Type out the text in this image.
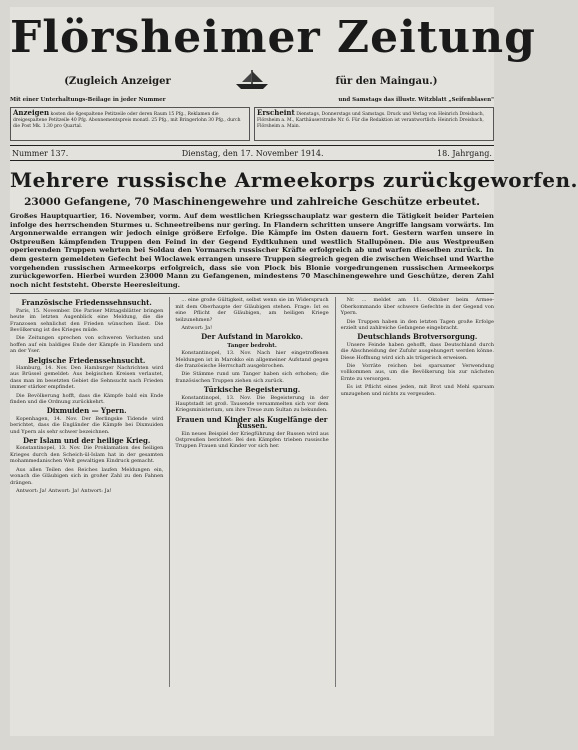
Flörsheimer Zeitung
(Zugleich Anzeiger	für den Maingau.)
Mit einer Unterhaltungs-Beilage in jeder Nummer	und Samstags das illustr. Witzblatt „Seifenblasen"
Anzeigen kosten die 6gespaltene Petitzeile oder deren Raum 15 Pfg., Reklamen die dreigespaltene Petitzeile 40 Pfg. Abonnementspreis monatl. 25 Pfg., mit Bringerlohn 30 Pfg., durch die Post Mk. 1.30 pro Quartal.
Erscheint Dienstags, Donnerstags und Samstags. Druck und Verlag von Heinrich Dreisbach, Flörsheim a. M., Karthäuserstraße Nr. 6. Für die Redaktion ist verantwortlich: Heinrich Dreisbach, Flörsheim a. Main.
Nummer 137.	Dienstag, den 17. November 1914.	18. Jahrgang.
Mehrere russische Armeekorps zurückgeworfen.
23000 Gefangene, 70 Maschinengewehre und zahlreiche Geschütze erbeutet.
Großes Hauptquartier, 16. November, vorm. Auf dem westlichen Kriegsschauplatz war gestern die Tätigkeit beider Parteien infolge des herrschenden Sturmes u. Schneetreibens nur gering. In Flandern schritten unsere Angriffe langsam vorwärts. Im Argonnerwalde errangen wir jedoch einige größere Erfolge. Die Kämpfe im Osten dauern fort. Gestern warfen unsere in Ostpreußen kämpfenden Truppen den Feind in der Gegend Eydtkuhnen und westlich Stallupönen. Die aus Westpreußen operierenden Truppen wehrten bei Soldau den Vormarsch russischer Kräfte erfolgreich ab und warfen dieselben zurück. In dem gestern gemeldeten Gefecht bei Wloclawek errangen unsere Truppen siegreich gegen die zwischen Weichsel und Warthe vorgehenden russischen Armeekorps erfolgreich, dass sie von Plock bis Blonie vorgedrungenen russischen Armeekorps zurückgeworfen. Hierbei wurden 23000 Mann zu Gefangenen, mindestens 70 Maschinengewehre und Geschütze, deren Zahl noch nicht feststeht. Oberste Heeresleitung.
Französische Friedenssehnsucht.

Paris, 15. November. Die Pariser Mittagsblätter bringen heute im letzten Augenblick eine Meldung, die die Franzosen sehnlichst den Frieden wünschen lässt. Die Bevölkerung ist des Krieges müde.

Die Zeitungen sprechen von schweren Verlusten und hoffen auf ein baldiges Ende der Kämpfe in Flandern und an der Yser.

Belgische Friedenssehnsucht.

Hamburg, 14. Nov. Den Hamburger Nachrichten wird aus Brüssel gemeldet: Aus belgischen Kreisen verlautet, dass man im besetzten Gebiet die Sehnsucht nach Frieden immer stärker empfindet.

Die Bevölkerung hofft, dass die Kämpfe bald ein Ende finden und die Ordnung zurückkehrt.

Dixmuiden — Ypern.

Kopenhagen, 14. Nov. Der Berlingske Tidende wird berichtet, dass die Engländer die Kämpfe bei Dixmuiden und Ypern als sehr schwer bezeichnen.

Der Islam und der heilige Krieg.

Konstantinopel, 13. Nov. Die Proklamation des heiligen Krieges durch den Scheich-ül-Islam hat in der gesamten mohammedanischen Welt gewaltigen Eindruck gemacht.

Aus allen Teilen des Reiches laufen Meldungen ein, wonach die Gläubigen sich in großer Zahl zu den Fahnen drängen.

Antwort: Ja! Antwort: Ja! Antwort: Ja!

... eine große Gültigkeit, selbst wenn sie im Widerspruch mit dem Oberhaupte der Gläubigen stehen. Frage: Ist es eine Pflicht der Gläubigen, am heiligen Kriege teilzunehmen?

Antwort: Ja!

Der Aufstand in Marokko.
Tanger bedroht.

Konstantinopel, 13. Nov. Nach hier eingetroffenen Meldungen ist in Marokko ein allgemeiner Aufstand gegen die französische Herrschaft ausgebrochen.

Die Stämme rund um Tanger haben sich erhoben; die französischen Truppen ziehen sich zurück.

Türkische Begeisterung.

Konstantinopel, 13. Nov. Die Begeisterung in der Hauptstadt ist groß. Tausende versammelten sich vor dem Kriegsministerium, um ihre Treue zum Sultan zu bekunden.

Frauen und Kinder als Kugelfänge der Russen.

Ein neues Beispiel der Kriegführung der Russen wird aus Ostpreußen berichtet: Bei den Kämpfen trieben russische Truppen Frauen und Kinder vor sich her.

Nr. ... meldet am 11. Oktober beim Armee-Oberkommando über schwere Gefechte in der Gegend von Ypern.

Die Truppen haben in den letzten Tagen große Erfolge erzielt und zahlreiche Gefangene eingebracht.

Deutschlands Brotversorgung.

Unsere Feinde haben gehofft, dass Deutschland durch die Abschneidung der Zufuhr ausgehungert werden könne. Diese Hoffnung wird sich als trügerisch erweisen.

Die Vorräte reichen bei sparsamer Verwendung vollkommen aus, um die Bevölkerung bis zur nächsten Ernte zu versorgen.

Es ist Pflicht eines jeden, mit Brot und Mehl sparsam umzugehen und nichts zu vergeuden.
